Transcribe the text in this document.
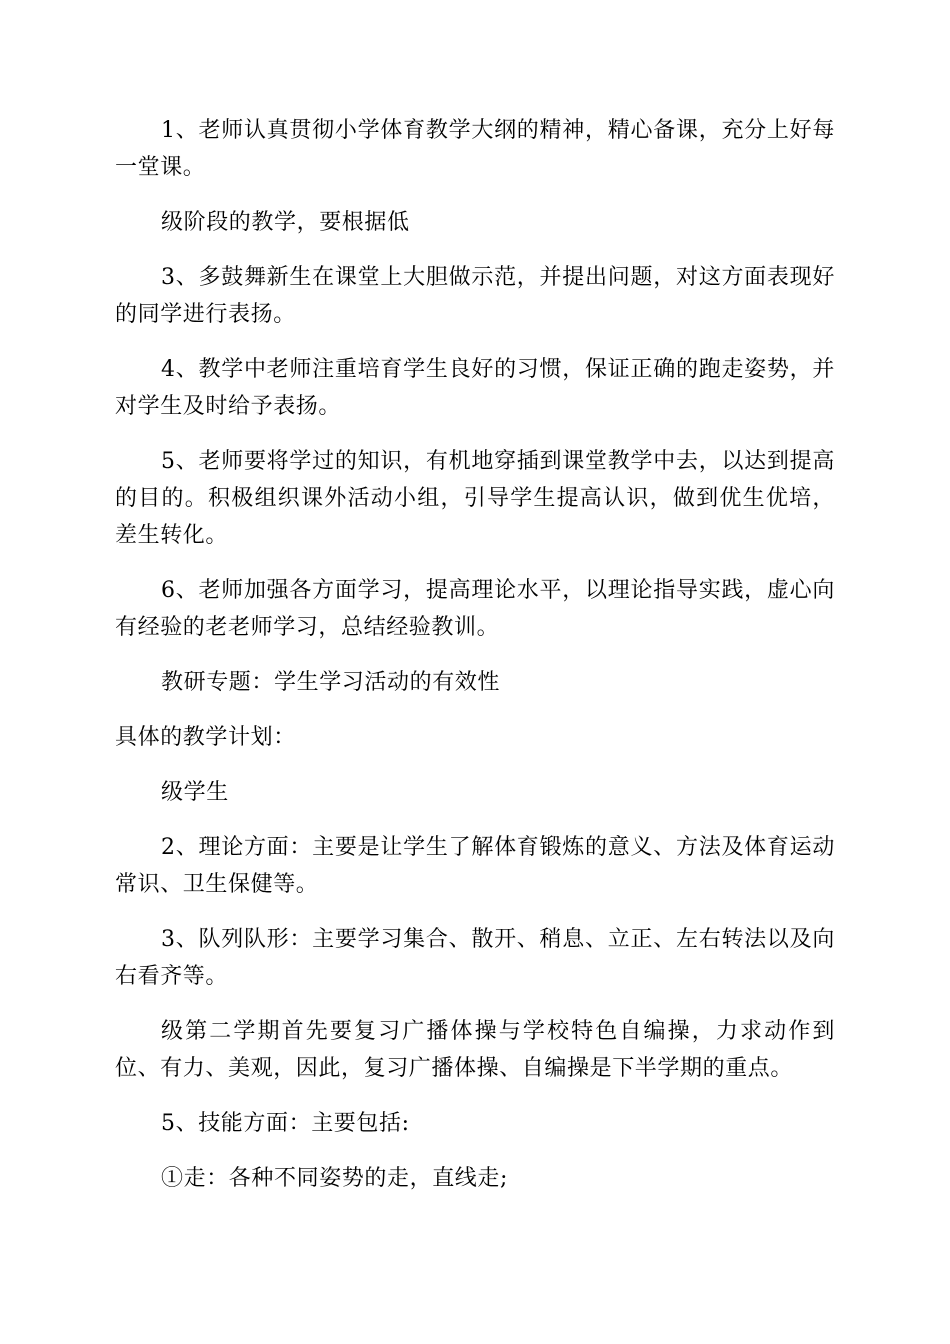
1、老师认真贯彻小学体育教学大纲的精神，精心备课，充分上好每一堂课。

级阶段的教学，要根据低

3、多鼓舞新生在课堂上大胆做示范，并提出问题，对这方面表现好的同学进行表扬。

4、教学中老师注重培育学生良好的习惯，保证正确的跑走姿势，并对学生及时给予表扬。

5、老师要将学过的知识，有机地穿插到课堂教学中去，以达到提高的目的。积极组织课外活动小组，引导学生提高认识，做到优生优培，差生转化。

6、老师加强各方面学习，提高理论水平，以理论指导实践，虚心向有经验的老老师学习，总结经验教训。

教研专题：学生学习活动的有效性

具体的教学计划：

级学生

2、理论方面：主要是让学生了解体育锻炼的意义、方法及体育运动常识、卫生保健等。

3、队列队形：主要学习集合、散开、稍息、立正、左右转法以及向右看齐等。

级第二学期首先要复习广播体操与学校特色自编操，力求动作到位、有力、美观，因此，复习广播体操、自编操是下半学期的重点。

5、技能方面：主要包括:

①走：各种不同姿势的走，直线走;
